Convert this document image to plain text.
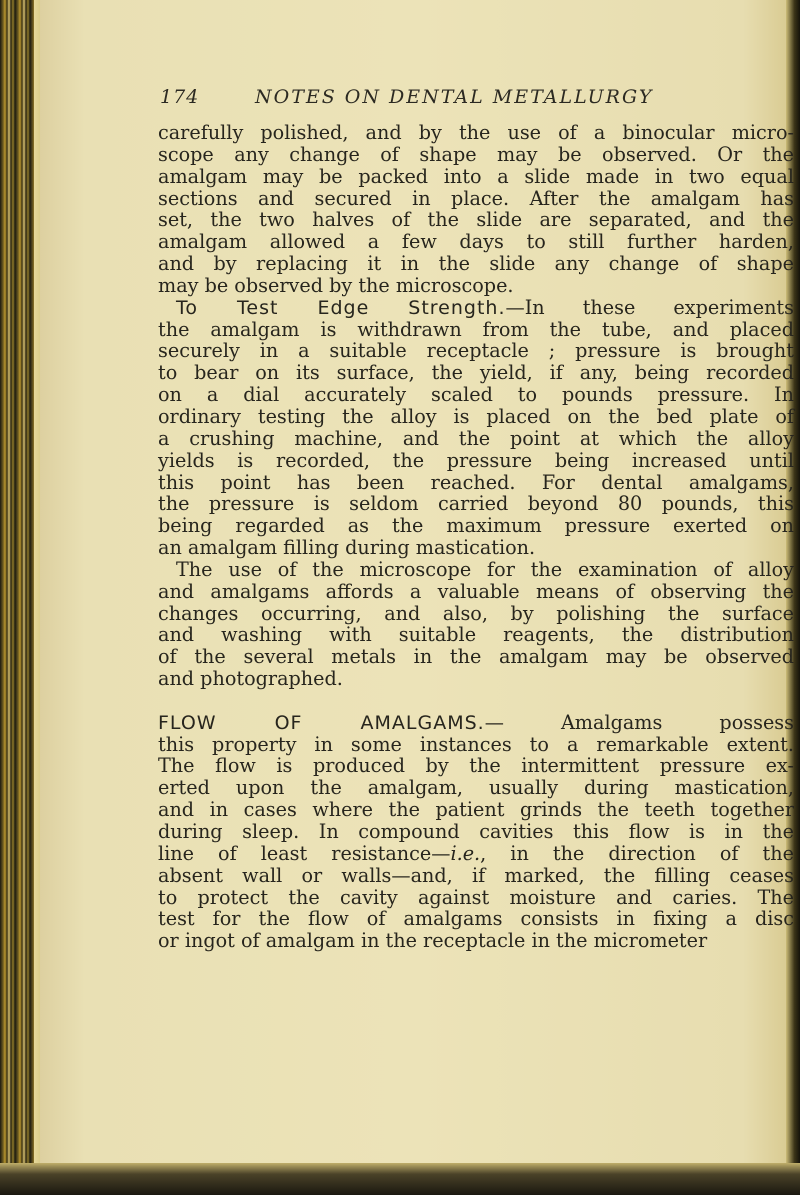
174	NOTES ON DENTAL METALLURGY
carefully polished, and by the use of a binocular micro-
scope any change of shape may be observed. Or the
amalgam may be packed into a slide made in two equal
sections and secured in place. After the amalgam has
set, the two halves of the slide are separated, and the
amalgam allowed a few days to still further harden,
and by replacing it in the slide any change of shape
may be observed by the microscope.
To Test Edge Strength.—In these experiments
the amalgam is withdrawn from the tube, and placed
securely in a suitable receptacle ; pressure is brought
to bear on its surface, the yield, if any, being recorded
on a dial accurately scaled to pounds pressure. In
ordinary testing the alloy is placed on the bed plate of
a crushing machine, and the point at which the alloy
yields is recorded, the pressure being increased until
this point has been reached. For dental amalgams,
the pressure is seldom carried beyond 80 pounds, this
being regarded as the maximum pressure exerted on
an amalgam filling during mastication.
The use of the microscope for the examination of alloy
and amalgams affords a valuable means of observing the
changes occurring, and also, by polishing the surface
and washing with suitable reagents, the distribution
of the several metals in the amalgam may be observed
and photographed.
FLOW OF AMALGAMS.— Amalgams possess
this property in some instances to a remarkable extent.
The flow is produced by the intermittent pressure ex-
erted upon the amalgam, usually during mastication,
and in cases where the patient grinds the teeth together
during sleep. In compound cavities this flow is in the
line of least resistance—i.e., in the direction of the
absent wall or walls—and, if marked, the filling ceases
to protect the cavity against moisture and caries. The
test for the flow of amalgams consists in fixing a disc
or ingot of amalgam in the receptacle in the micrometer
